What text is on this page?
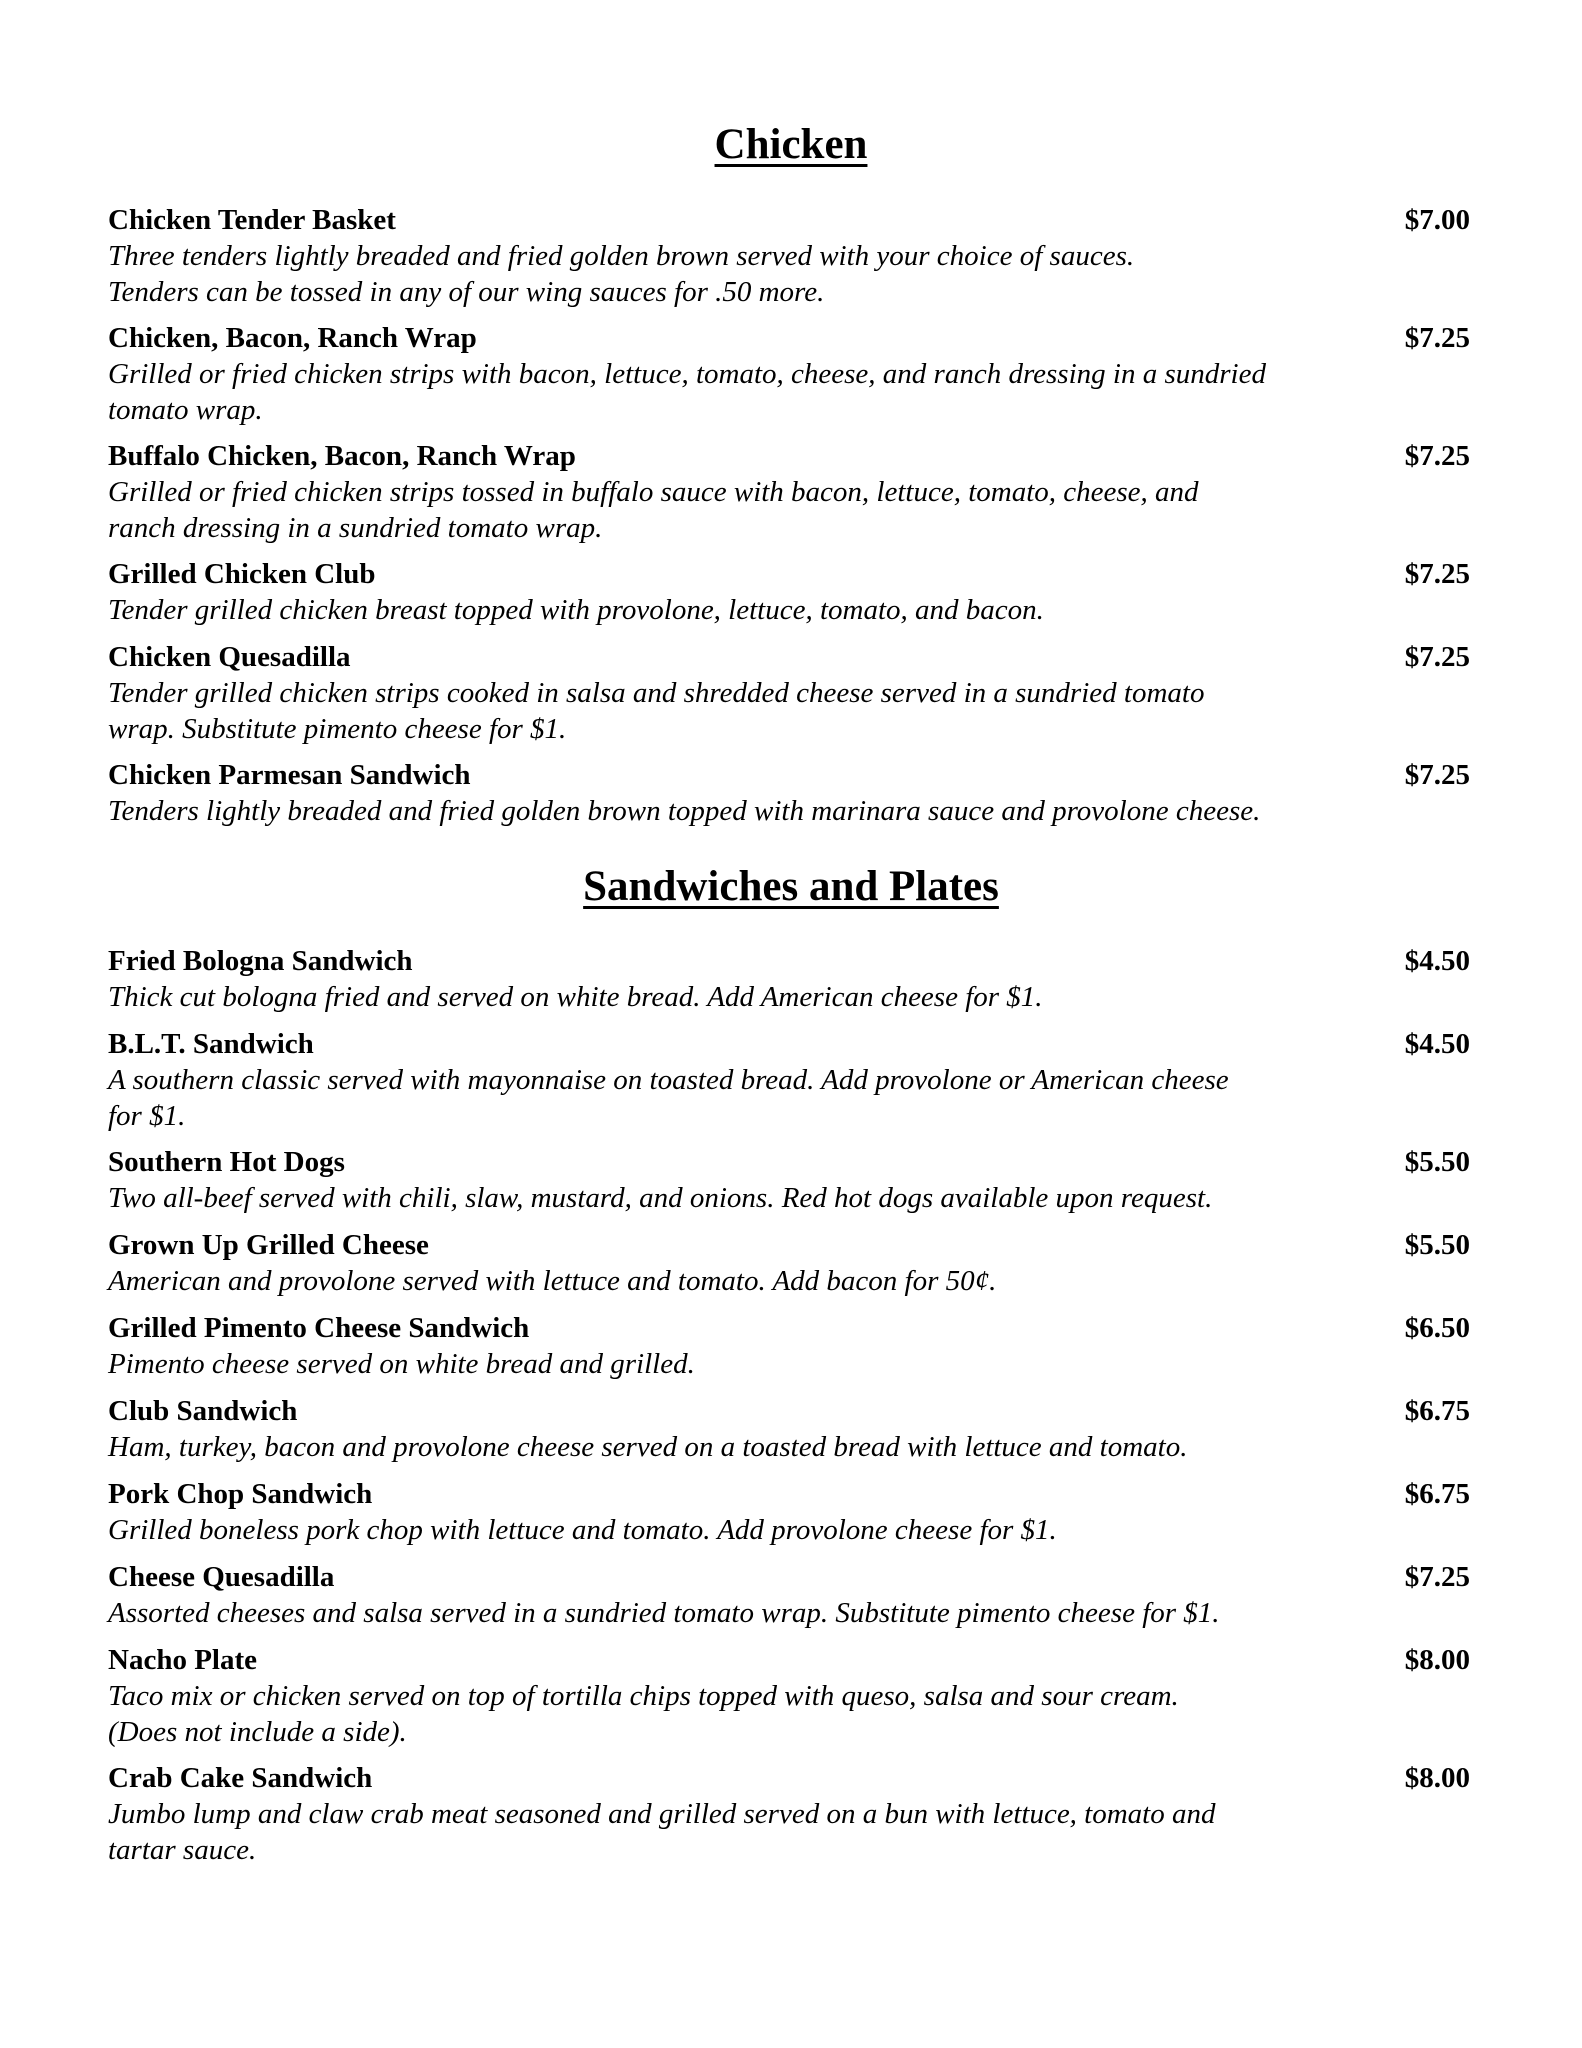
Chicken
Chicken Tender Basket	$7.00
Three tenders lightly breaded and fried golden brown served with your choice of sauces.
Tenders can be tossed in any of our wing sauces for .50 more.
Chicken, Bacon, Ranch Wrap	$7.25
Grilled or fried chicken strips with bacon, lettuce, tomato, cheese, and ranch dressing in a sundried
tomato wrap.
Buffalo Chicken, Bacon, Ranch Wrap	$7.25
Grilled or fried chicken strips tossed in buffalo sauce with bacon, lettuce, tomato, cheese, and
ranch dressing in a sundried tomato wrap.
Grilled Chicken Club	$7.25
Tender grilled chicken breast topped with provolone, lettuce, tomato, and bacon.
Chicken Quesadilla	$7.25
Tender grilled chicken strips cooked in salsa and shredded cheese served in a sundried tomato
wrap. Substitute pimento cheese for $1.
Chicken Parmesan Sandwich	$7.25
Tenders lightly breaded and fried golden brown topped with marinara sauce and provolone cheese.
Sandwiches and Plates
Fried Bologna Sandwich	$4.50
Thick cut bologna fried and served on white bread. Add American cheese for $1.
B.L.T. Sandwich	$4.50
A southern classic served with mayonnaise on toasted bread. Add provolone or American cheese
for $1.
Southern Hot Dogs	$5.50
Two all-beef served with chili, slaw, mustard, and onions. Red hot dogs available upon request.
Grown Up Grilled Cheese	$5.50
American and provolone served with lettuce and tomato. Add bacon for 50¢.
Grilled Pimento Cheese Sandwich	$6.50
Pimento cheese served on white bread and grilled.
Club Sandwich	$6.75
Ham, turkey, bacon and provolone cheese served on a toasted bread with lettuce and tomato.
Pork Chop Sandwich	$6.75
Grilled boneless pork chop with lettuce and tomato. Add provolone cheese for $1.
Cheese Quesadilla	$7.25
Assorted cheeses and salsa served in a sundried tomato wrap. Substitute pimento cheese for $1.
Nacho Plate	$8.00
Taco mix or chicken served on top of tortilla chips topped with queso, salsa and sour cream.
(Does not include a side).
Crab Cake Sandwich	$8.00
Jumbo lump and claw crab meat seasoned and grilled served on a bun with lettuce, tomato and
tartar sauce.
